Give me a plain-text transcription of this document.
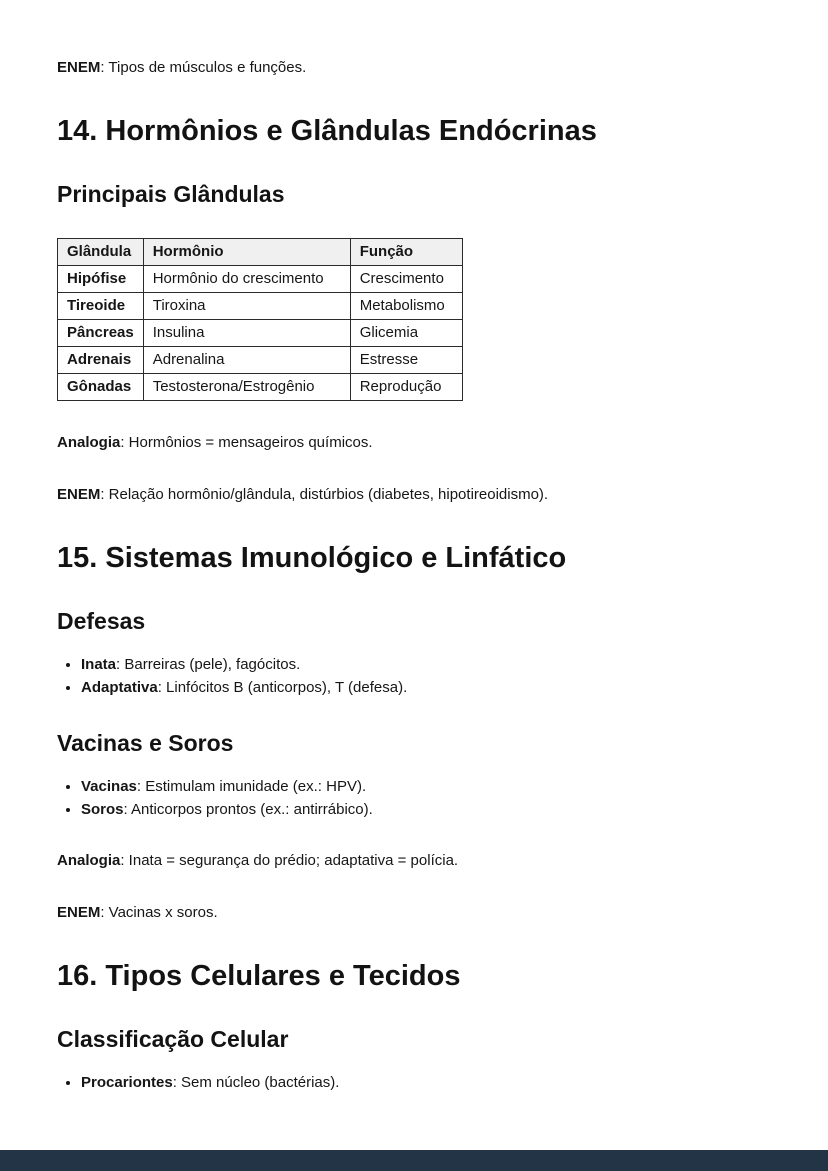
ENEM: Tipos de músculos e funções.

14. Hormônios e Glândulas Endócrinas
Principais Glândulas
Glândula	Hormônio	Função
Hipófise	Hormônio do crescimento	Crescimento
Tireoide	Tiroxina	Metabolismo
Pâncreas	Insulina	Glicemia
Adrenais	Adrenalina	Estresse
Gônadas	Testosterona/Estrogênio	Reprodução

Analogia: Hormônios = mensageiros químicos.

ENEM: Relação hormônio/glândula, distúrbios (diabetes, hipotireoidismo).

15. Sistemas Imunológico e Linfático
Defesas
• Inata: Barreiras (pele), fagócitos.
• Adaptativa: Linfócitos B (anticorpos), T (defesa).
Vacinas e Soros
• Vacinas: Estimulam imunidade (ex.: HPV).
• Soros: Anticorpos prontos (ex.: antirrábico).

Analogia: Inata = segurança do prédio; adaptativa = polícia.

ENEM: Vacinas x soros.

16. Tipos Celulares e Tecidos
Classificação Celular
• Procariontes: Sem núcleo (bactérias).
